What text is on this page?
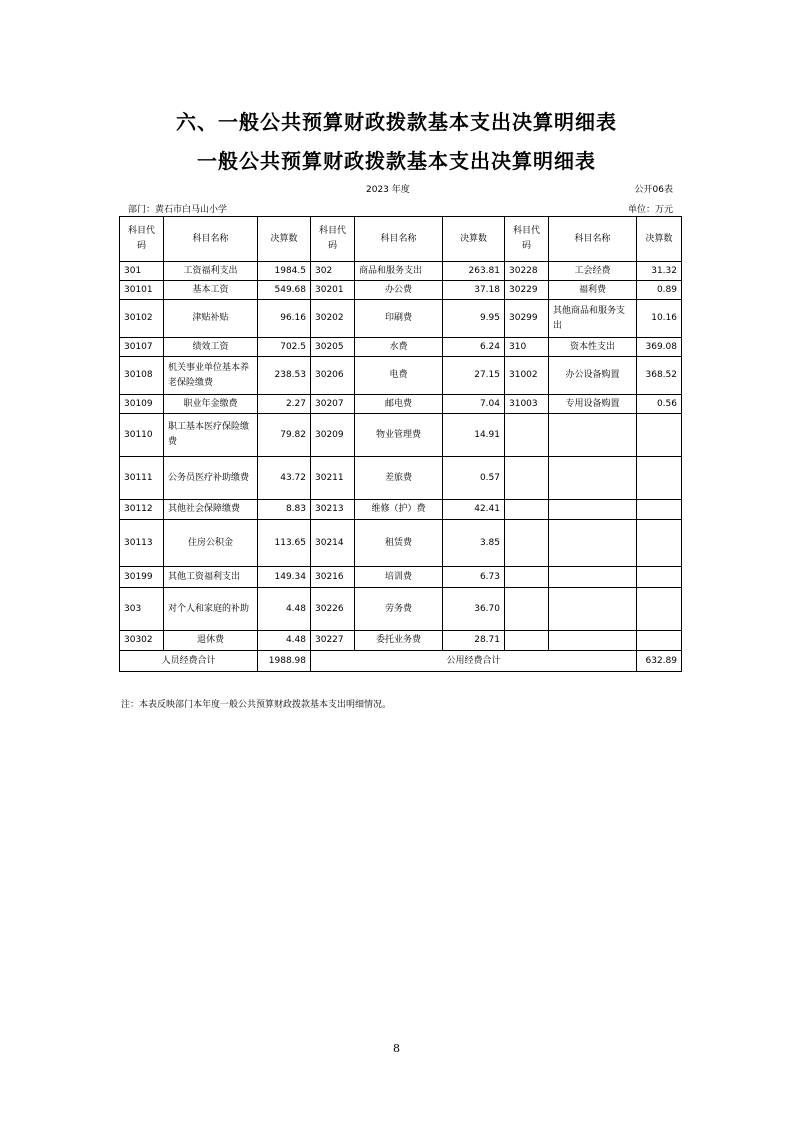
六、一般公共预算财政拨款基本支出决算明细表
一般公共预算财政拨款基本支出决算明细表
2023 年度	公开06表
部门：黄石市白马山小学	单位：万元
科目代码	科目名称	决算数	科目代码	科目名称	决算数	科目代码	科目名称	决算数
301	工资福利支出	1984.5	302	商品和服务支出	263.81	30228	工会经费	31.32
30101	基本工资	549.68	30201	办公费	37.18	30229	福利费	0.89
30102	津贴补贴	96.16	30202	印刷费	9.95	30299	其他商品和服务支出	10.16
30107	绩效工资	702.5	30205	水费	6.24	310	资本性支出	369.08
30108	机关事业单位基本养老保险缴费	238.53	30206	电费	27.15	31002	办公设备购置	368.52
30109	职业年金缴费	2.27	30207	邮电费	7.04	31003	专用设备购置	0.56
30110	职工基本医疗保险缴费	79.82	30209	物业管理费	14.91			
30111	公务员医疗补助缴费	43.72	30211	差旅费	0.57			
30112	其他社会保障缴费	8.83	30213	维修（护）费	42.41			
30113	住房公积金	113.65	30214	租赁费	3.85			
30199	其他工资福利支出	149.34	30216	培训费	6.73			
303	对个人和家庭的补助	4.48	30226	劳务费	36.70			
30302	退休费	4.48	30227	委托业务费	28.71			
人员经费合计		1988.98	公用经费合计					632.89
注：本表反映部门本年度一般公共预算财政拨款基本支出明细情况。
8
